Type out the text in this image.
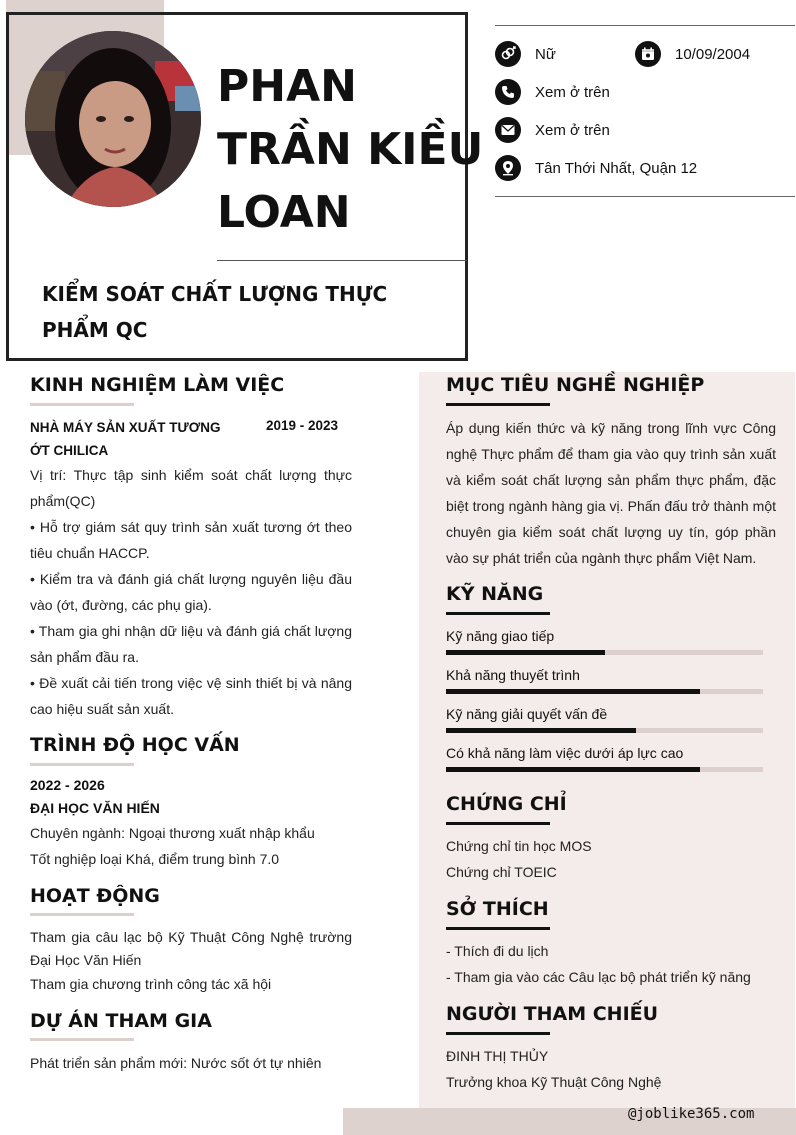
PHAN
TRẦN KIỀU
LOAN
KIỂM SOÁT CHẤT LƯỢNG THỰC PHẨM QC
Nữ	10/09/2004
Xem ở trên
Xem ở trên
Tân Thới Nhất, Quận 12
KINH NGHIỆM LÀM VIỆC
NHÀ MÁY SẢN XUẤT TƯƠNG ỚT CHILICA
2019 - 2023
Vị trí: Thực tập sinh kiểm soát chất lượng thực phẩm(QC)
• Hỗ trợ giám sát quy trình sản xuất tương ớt theo tiêu chuẩn HACCP.
• Kiểm tra và đánh giá chất lượng nguyên liệu đầu vào (ớt, đường, các phụ gia).
• Tham gia ghi nhận dữ liệu và đánh giá chất lượng sản phẩm đầu ra.
• Đề xuất cải tiến trong việc vệ sinh thiết bị và nâng cao hiệu suất sản xuất.
TRÌNH ĐỘ HỌC VẤN
2022 - 2026
ĐẠI HỌC VĂN HIẾN
Chuyên ngành: Ngoại thương xuất nhập khẩu
Tốt nghiệp loại Khá, điểm trung bình 7.0
HOẠT ĐỘNG
Tham gia câu lạc bộ Kỹ Thuật Công Nghệ trường Đại Học Văn Hiến
Tham gia chương trình công tác xã hội
DỰ ÁN THAM GIA
Phát triển sản phẩm mới: Nước sốt ớt tự nhiên
MỤC TIÊU NGHỀ NGHIỆP
Áp dụng kiến thức và kỹ năng trong lĩnh vực Công nghệ Thực phẩm để tham gia vào quy trình sản xuất và kiểm soát chất lượng sản phẩm thực phẩm, đặc biệt trong ngành hàng gia vị. Phấn đấu trở thành một chuyên gia kiểm soát chất lượng uy tín, góp phần vào sự phát triển của ngành thực phẩm Việt Nam.
KỸ NĂNG
Kỹ năng giao tiếp
Khả năng thuyết trình
Kỹ năng giải quyết vấn đề
Có khả năng làm việc dưới áp lực cao
CHỨNG CHỈ
Chứng chỉ tin học MOS
Chứng chỉ TOEIC
SỞ THÍCH
- Thích đi du lịch
- Tham gia vào các Câu lạc bộ phát triển kỹ năng
NGƯỜI THAM CHIẾU
ĐINH THỊ THỦY
Trưởng khoa Kỹ Thuật Công Nghệ
@joblike365.com
